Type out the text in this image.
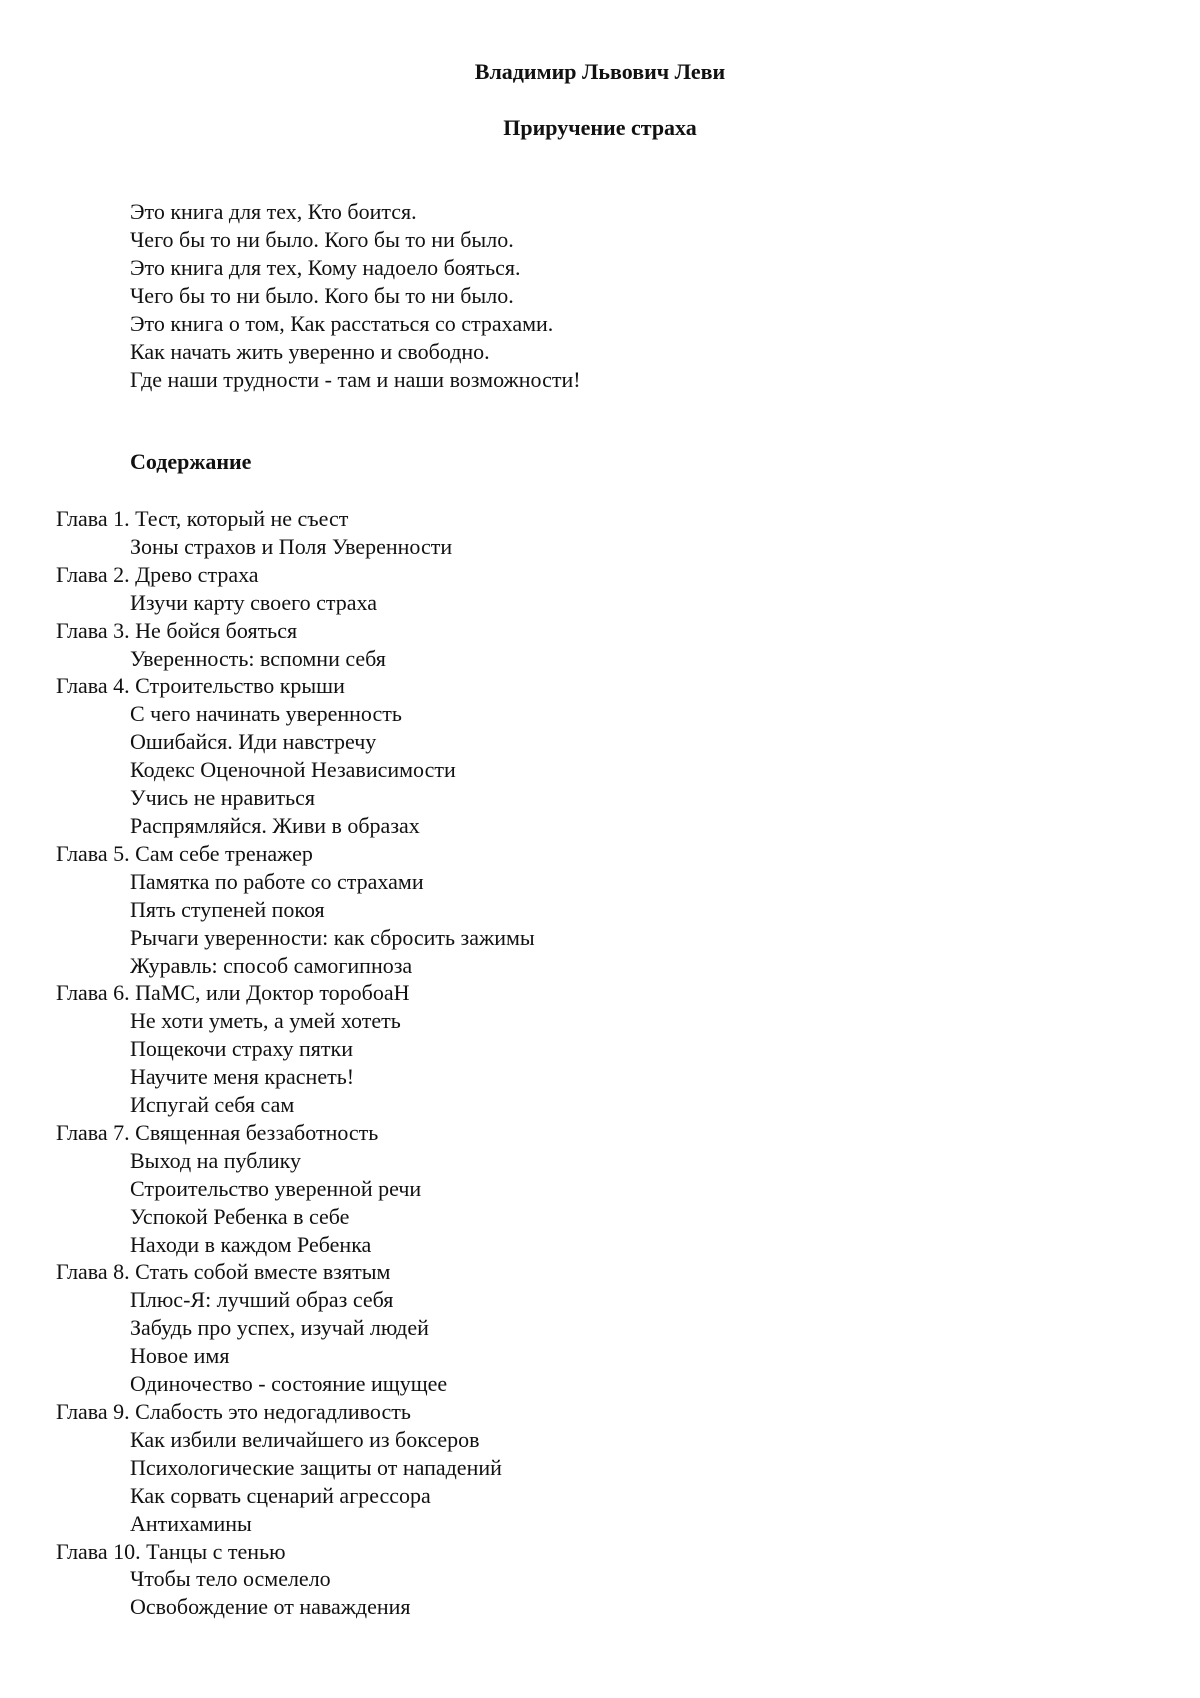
Владимир Львович Леви
Приручение страха
Это книга для тех, Кто боится.
Чего бы то ни было. Кого бы то ни было.
Это книга для тех, Кому надоело бояться.
Чего бы то ни было. Кого бы то ни было.
Это книга о том, Как расстаться со страхами.
Как начать жить уверенно и свободно.
Где наши трудности - там и наши возможности!
Содержание
Глава 1. Тест, который не съест
Зоны страхов и Поля Уверенности
Глава 2. Древо страха
Изучи карту своего страха
Глава 3. Не бойся бояться
Уверенность: вспомни себя
Глава 4. Строительство крыши
С чего начинать уверенность
Ошибайся. Иди навстречу
Кодекс Оценочной Независимости
Учись не нравиться
Распрямляйся. Живи в образах
Глава 5. Сам себе тренажер
Памятка по работе со страхами
Пять ступеней покоя
Рычаги уверенности: как сбросить зажимы
Журавль: способ самогипноза
Глава 6. ПаМС, или Доктор торобоаН
Не хоти уметь, а умей хотеть
Пощекочи страху пятки
Научите меня краснеть!
Испугай себя сам
Глава 7. Священная беззаботность
Выход на публику
Строительство уверенной речи
Успокой Ребенка в себе
Находи в каждом Ребенка
Глава 8. Стать собой вместе взятым
Плюс-Я: лучший образ себя
Забудь про успех, изучай людей
Новое имя
Одиночество - состояние ищущее
Глава 9. Слабость это недогадливость
Как избили величайшего из боксеров
Психологические защиты от нападений
Как сорвать сценарий агрессора
Антихамины
Глава 10. Танцы с тенью
Чтобы тело осмелело
Освобождение от наваждения
